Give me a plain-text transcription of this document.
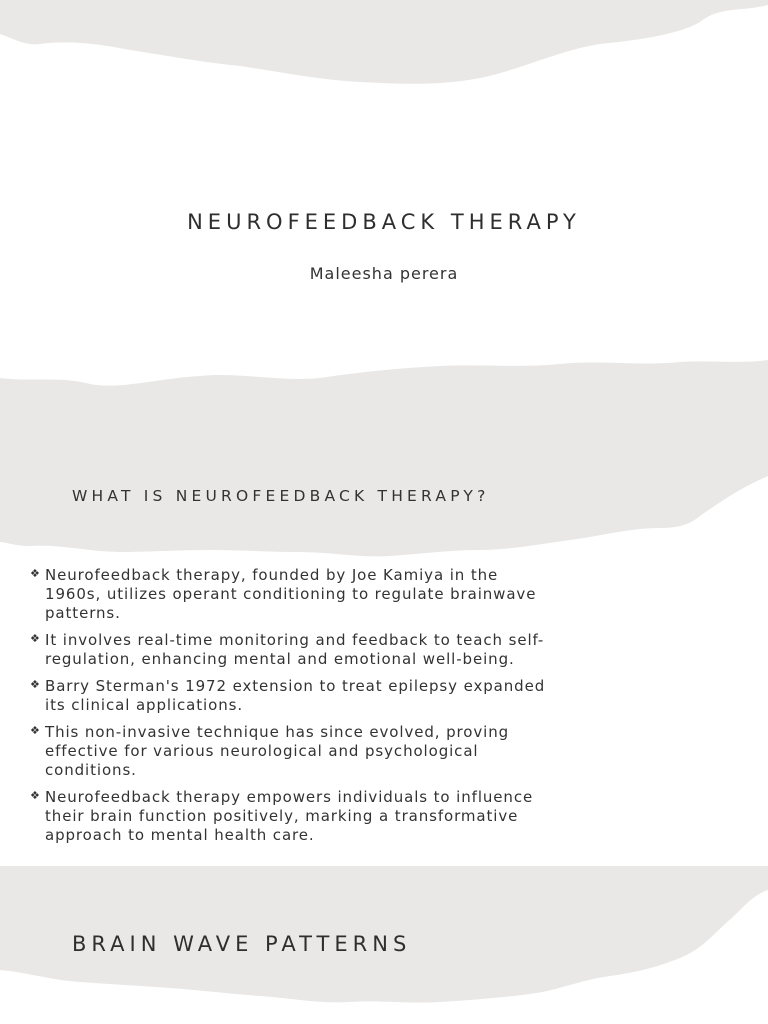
NEUROFEEDBACK THERAPY
Maleesha perera
WHAT IS NEUROFEEDBACK THERAPY?
❖ Neurofeedback therapy, founded by Joe Kamiya in the 1960s, utilizes operant conditioning to regulate brainwave patterns.
❖ It involves real-time monitoring and feedback to teach self-regulation, enhancing mental and emotional well-being.
❖ Barry Sterman's 1972 extension to treat epilepsy expanded its clinical applications.
❖ This non-invasive technique has since evolved, proving effective for various neurological and psychological conditions.
❖ Neurofeedback therapy empowers individuals to influence their brain function positively, marking a transformative approach to mental health care.
BRAIN WAVE PATTERNS
